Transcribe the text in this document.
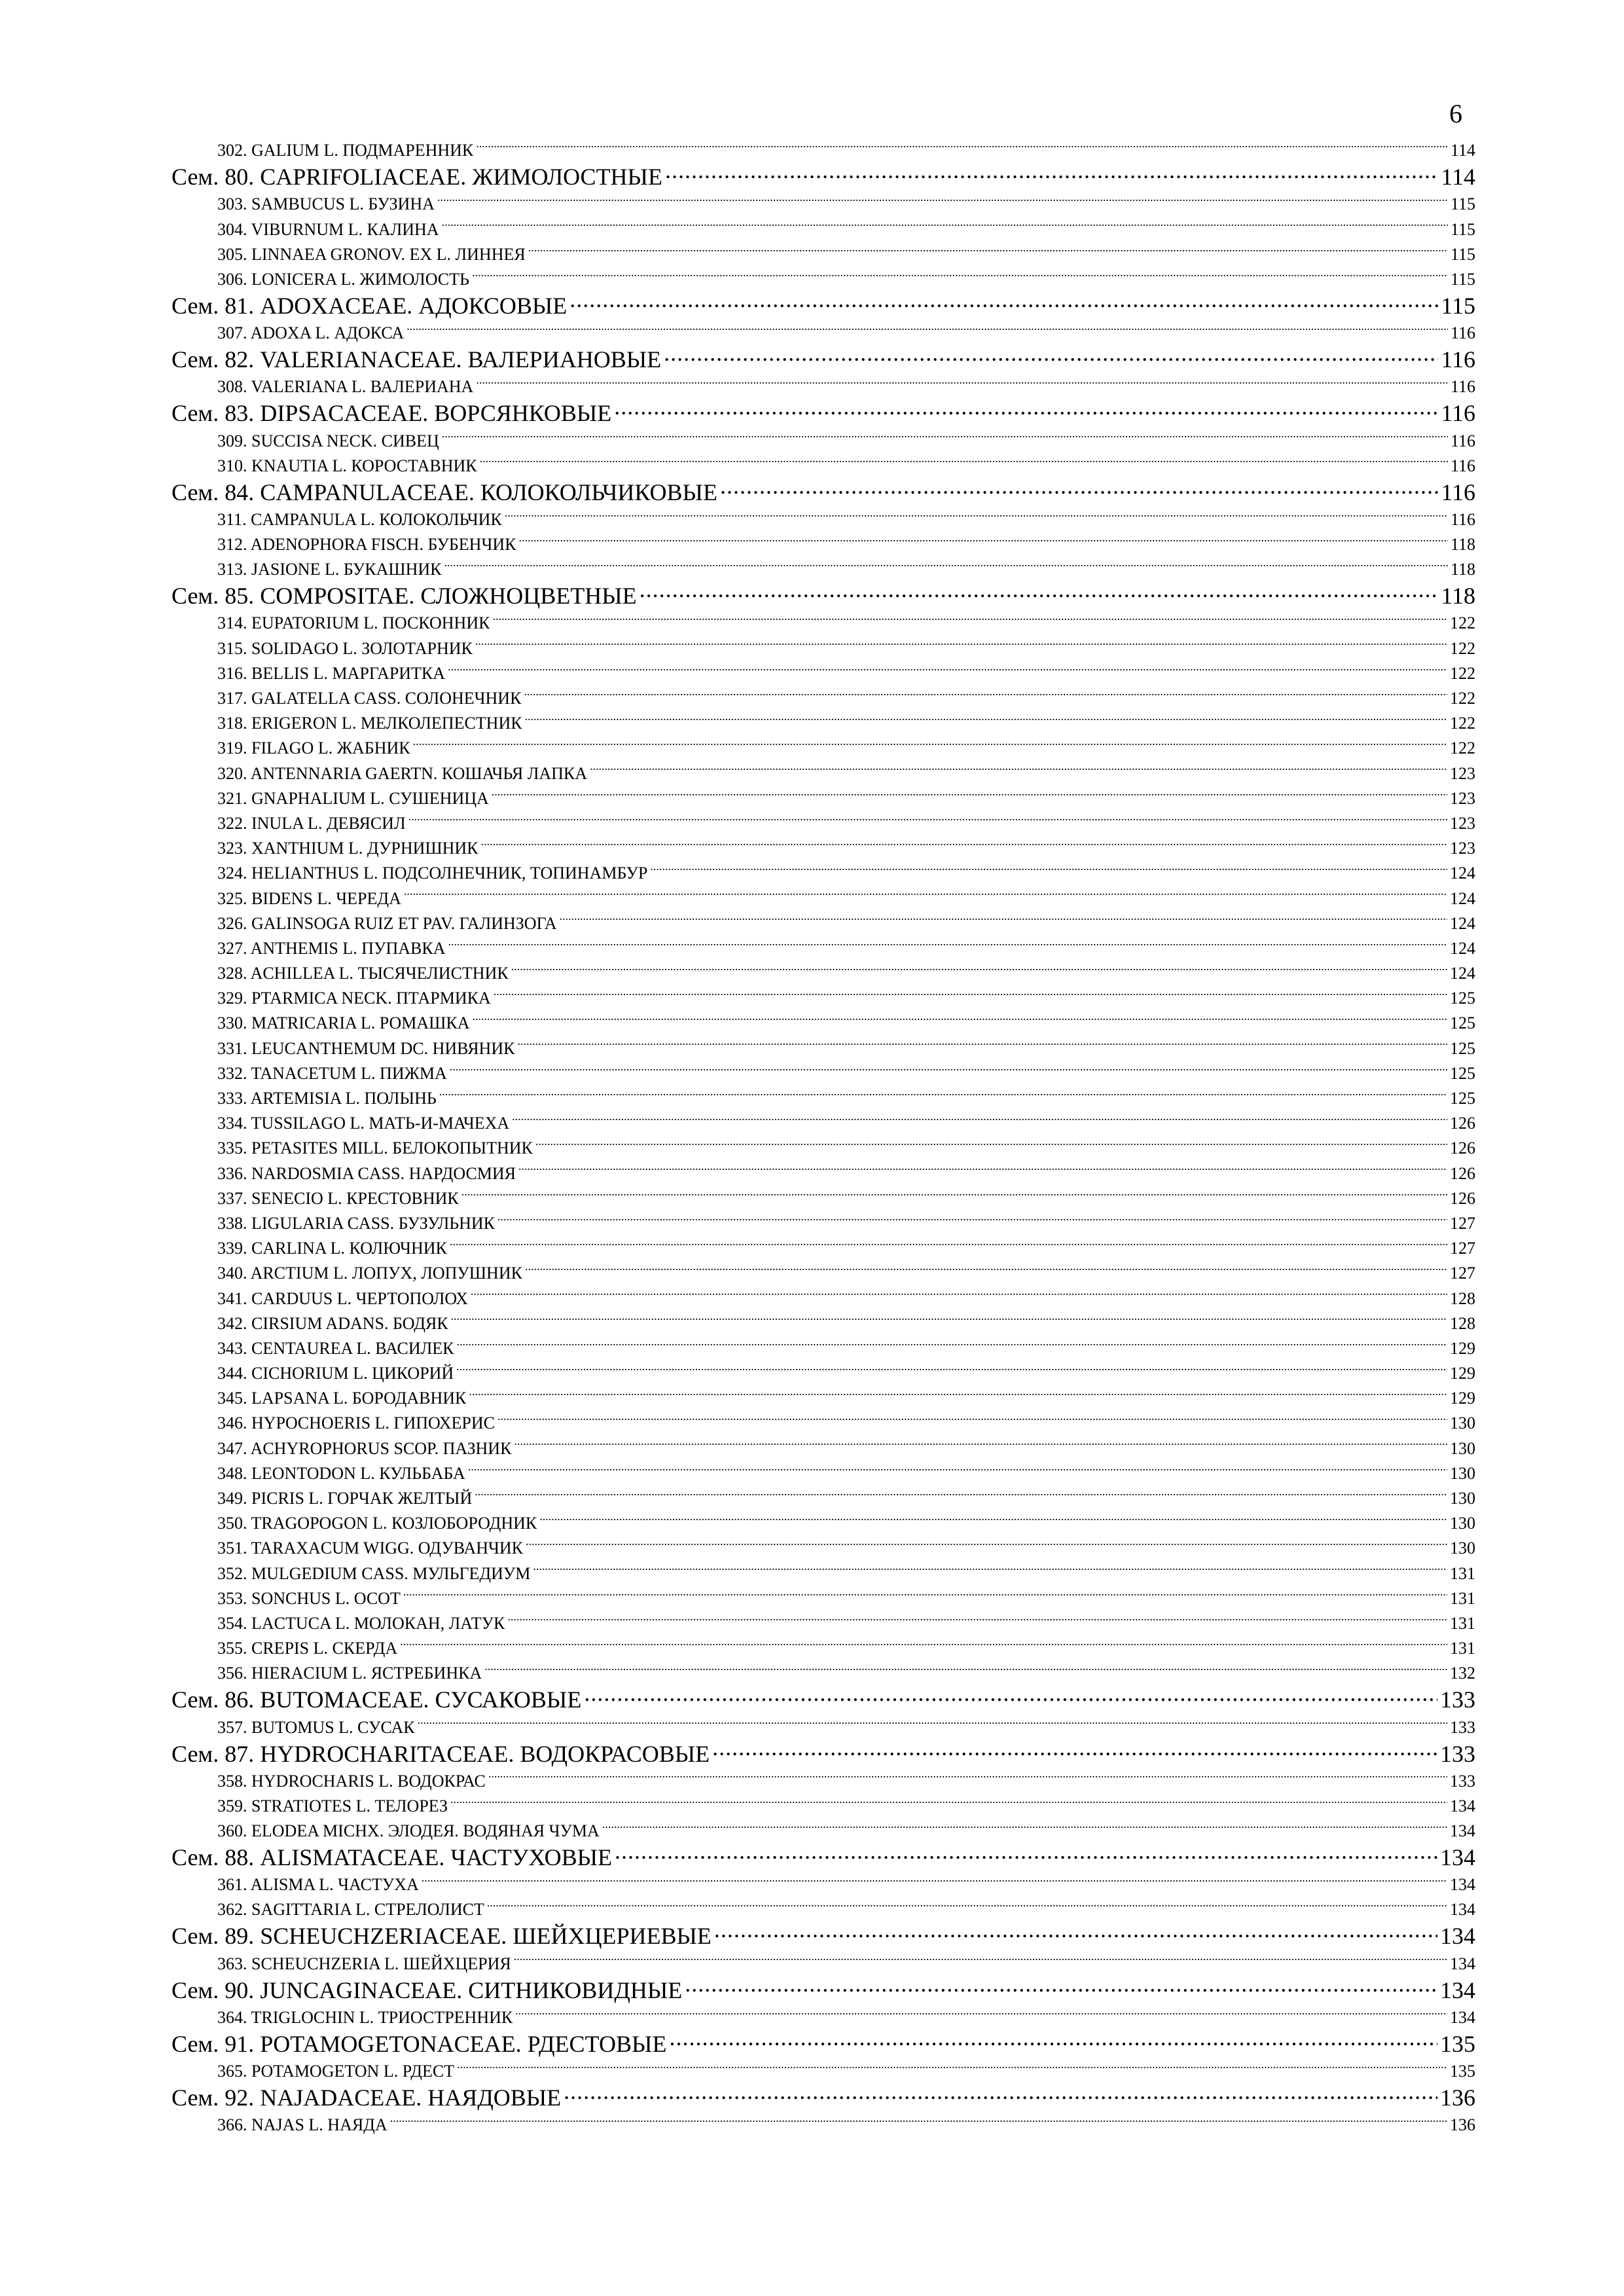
6
302. GALIUM L. ПОДМАРЕННИК .....	114
Сем. 80. CAPRIFOLIACEAE. ЖИМОЛОСТНЫЕ .....	114
303. SAMBUCUS L. БУЗИНА .....	115
304. VIBURNUM L. КАЛИНА .....	115
305. LINNAEA GRONOV. EX L. ЛИННЕЯ .....	115
306. LONICERA L. ЖИМОЛОСТЬ .....	115
Сем. 81. ADOXACEAE. АДОКСОВЫЕ .....	115
307. ADOXA L. АДОКСА .....	116
Сем. 82. VALERIANACEAE. ВАЛЕРИАНОВЫЕ .....	116
308. VALERIANA L. ВАЛЕРИАНА .....	116
Сем. 83. DIPSACACEAE. ВОРСЯНКОВЫЕ .....	116
309. SUCCISA NECK. СИВЕЦ .....	116
310. KNAUTIA L. КОРОСТАВНИК .....	116
Сем. 84. CAMPANULACEAE. КОЛОКОЛЬЧИКОВЫЕ .....	116
311. CAMPANULA L. КОЛОКОЛЬЧИК .....	116
312. ADENOPHORA FISCH. БУБЕНЧИК .....	118
313. JASIONE L. БУКАШНИК .....	118
Сем. 85. COMPOSITAE. СЛОЖНОЦВЕТНЫЕ .....	118
314. EUPATORIUM L. ПОСКОННИК .....	122
315. SOLIDAGO L. ЗОЛОТАРНИК .....	122
316. BELLIS L. МАРГАРИТКА .....	122
317. GALATELLA CASS. СОЛОНЕЧНИК .....	122
318. ERIGERON L. МЕЛКОЛЕПЕСТНИК .....	122
319. FILAGO L. ЖАБНИК .....	122
320. ANTENNARIA GAERTN. КОШАЧЬЯ ЛАПКА .....	123
321. GNAPHALIUM L. СУШЕНИЦА .....	123
322. INULA L. ДЕВЯСИЛ .....	123
323. XANTHIUM L. ДУРНИШНИК .....	123
324. HELIANTHUS L. ПОДСОЛНЕЧНИК, ТОПИНАМБУР .....	124
325. BIDENS L. ЧЕРЕДА .....	124
326. GALINSOGA RUIZ ET PAV. ГАЛИНЗОГА .....	124
327. ANTHEMIS L. ПУПАВКА .....	124
328. ACHILLEA L. ТЫСЯЧЕЛИСТНИК .....	124
329. PTARMICA NECK. ПТАРМИКА .....	125
330. MATRICARIA L. РОМАШКА .....	125
331. LEUCANTHEMUM DC. НИВЯНИК .....	125
332. TANACETUM L. ПИЖМА .....	125
333. ARTEMISIA L. ПОЛЫНЬ .....	125
334. TUSSILAGO L. МАТЬ-И-МАЧЕХА .....	126
335. PETASITES MILL. БЕЛОКОПЫТНИК .....	126
336. NARDOSMIA CASS. НАРДОСМИЯ .....	126
337. SENECIO L. КРЕСТОВНИК .....	126
338. LIGULARIA CASS. БУЗУЛЬНИК .....	127
339. CARLINA L. КОЛЮЧНИК .....	127
340. ARCTIUM L. ЛОПУХ, ЛОПУШНИК .....	127
341. CARDUUS L. ЧЕРТОПОЛОХ .....	128
342. CIRSIUM ADANS. БОДЯК .....	128
343. CENTAUREA L. ВАСИЛЕК .....	129
344. CICHORIUM L. ЦИКОРИЙ .....	129
345. LAPSANA L. БОРОДАВНИК .....	129
346. HYPOCHOERIS L. ГИПОХЕРИС .....	130
347. ACHYROPHORUS SCOP. ПАЗНИК .....	130
348. LEONTODON L. КУЛЬБАБА .....	130
349. PICRIS L. ГОРЧАК ЖЕЛТЫЙ .....	130
350. TRAGOPOGON L. КОЗЛОБОРОДНИК .....	130
351. TARAXACUM WIGG. ОДУВАНЧИК .....	130
352. MULGEDIUM CASS. МУЛЬГЕДИУМ .....	131
353. SONCHUS L. ОСОТ .....	131
354. LACTUCA L. МОЛОКАН, ЛАТУК .....	131
355. CREPIS L. СКЕРДА .....	131
356. HIERACIUM L. ЯСТРЕБИНКА .....	132
Сем. 86. BUTOMACEAE. СУСАКОВЫЕ .....	133
357. BUTOMUS L. СУСАК .....	133
Сем. 87. HYDROCHARITACEAE. ВОДОКРАСОВЫЕ .....	133
358. HYDROCHARIS L. ВОДОКРАС .....	133
359. STRATIOTES L. ТЕЛОРЕЗ .....	134
360. ELODEA MICHX. ЭЛОДЕЯ. ВОДЯНАЯ ЧУМА .....	134
Сем. 88. ALISMATACEAE. ЧАСТУХОВЫЕ .....	134
361. ALISMA L. ЧАСТУХА .....	134
362. SAGITTARIA L. СТРЕЛОЛИСТ .....	134
Сем. 89. SCHEUCHZERIACEAE. ШЕЙХЦЕРИЕВЫЕ .....	134
363. SCHEUCHZERIA L. ШЕЙХЦЕРИЯ .....	134
Сем. 90. JUNCAGINACEAE. СИТНИКОВИДНЫЕ .....	134
364. TRIGLOCHIN L. ТРИОСТРЕННИК .....	134
Сем. 91. POTAMOGETONACEAE. РДЕСТОВЫЕ .....	135
365. POTAMOGETON L. РДЕСТ .....	135
Сем. 92. NAJADACEAE. НАЯДОВЫЕ .....	136
366. NAJAS L. НАЯДА .....	136
